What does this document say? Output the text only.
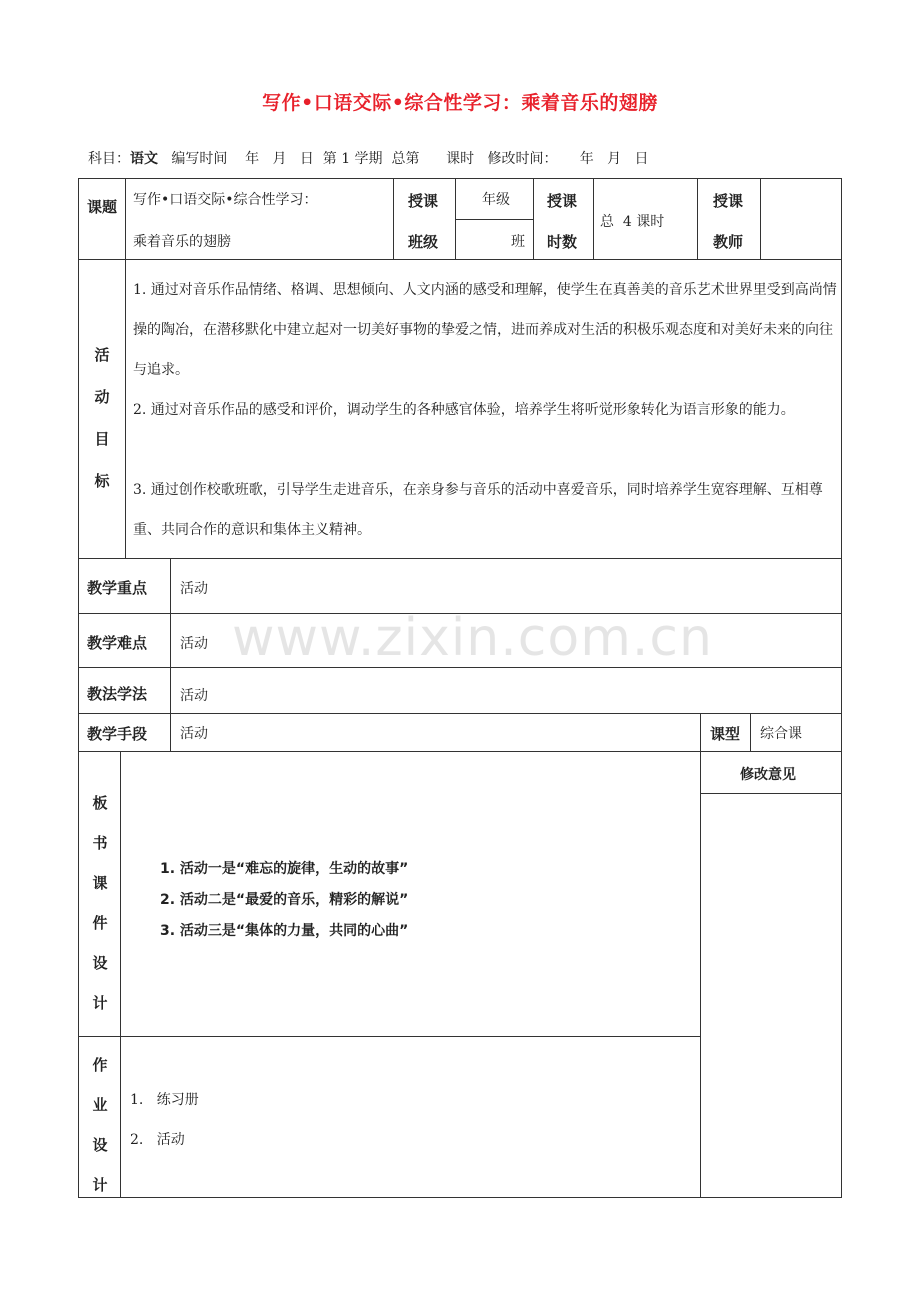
写作•口语交际•综合性学习：乘着音乐的翅膀
科目：语文   编写时间    年   月   日  第 1 学期  总第      课时   修改时间：     年   月   日
课题	写作•口语交际•综合性学习：
乘着音乐的翅膀
授课
班级
年级
班
授课
时数
总  4 课时
授课
教师
活
动
目
标
1. 通过对音乐作品情绪、格调、思想倾向、人文内涵的感受和理解，使学生在真善美的音乐艺术世界里受到高尚情操的陶冶，在潜移默化中建立起对一切美好事物的挚爱之情，进而养成对生活的积极乐观态度和对美好未来的向往与追求。
2. 通过对音乐作品的感受和评价，调动学生的各种感官体验，培养学生将听觉形象转化为语言形象的能力。
3. 通过创作校歌班歌，引导学生走进音乐，在亲身参与音乐的活动中喜爱音乐，同时培养学生宽容理解、互相尊重、共同合作的意识和集体主义精神。
教学重点 活动
教学难点 活动
教法学法 活动
教学手段 活动	课型 综合课
板
书
课
件
设
计
修改意见
1. 活动一是“难忘的旋律，生动的故事”
2. 活动二是“最爱的音乐，精彩的解说”
3. 活动三是“集体的力量，共同的心曲”
作
业
设
计
1.   练习册
2.   活动
www.zixin.com.cn
